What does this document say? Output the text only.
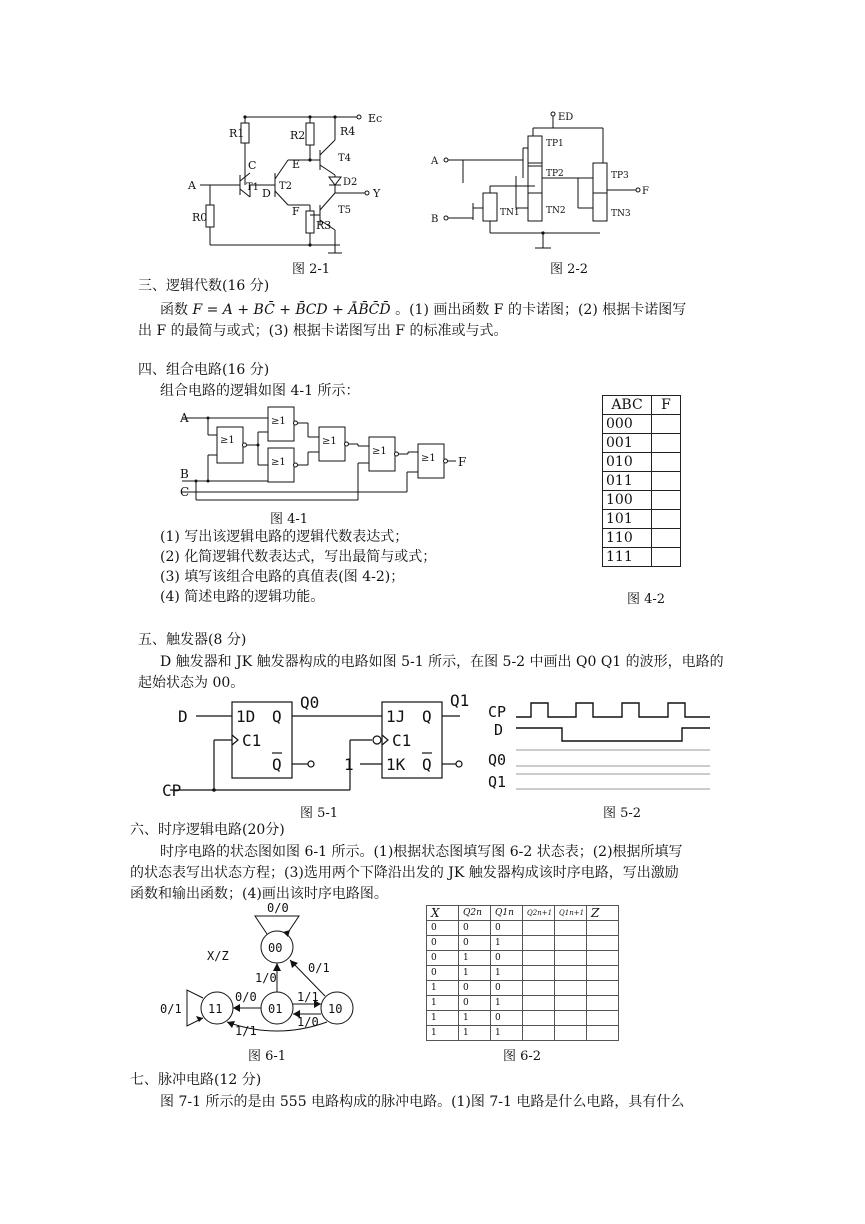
R1	R2	R4
R0
R3
Ec
C	E
D
F
T1 T2
T4
D2
T5
A
Y
图 2-1
ED
A
B
F
TP1
TP2	TP3
TN1	TN2	TN3
图 2-2
三、逻辑代数(16 分)
函数 F = A + BC̄ + B̄CD + ĀB̄C̄D̄ 。(1) 画出函数 F 的卡诺图；(2) 根据卡诺图写
出 F 的最简与或式；(3) 根据卡诺图写出 F 的标准或与式。
四、组合电路(16 分)
组合电路的逻辑如图 4-1 所示：
≥1
≥1
≥1
≥1
≥1
≥1
A
B
C
F
图 4-1
(1) 写出该逻辑电路的逻辑代数表达式；
(2) 化简逻辑代数表达式，写出最简与或式；
(3) 填写该组合电路的真值表(图 4-2)；
(4) 简述电路的逻辑功能。
ABC	F
000	
001	
010	
011	
100	
101	
110	
111	
图 4-2
五、触发器(8 分)
D 触发器和 JK 触发器构成的电路如图 5-1 所示，在图 5-2 中画出 Q0 Q1 的波形，电路的
起始状态为 00。
D
CP
1
1D
C1
Q
Q
Q0
1J
C1
1K
Q
Q
Q1
图 5-1
CP
D
Q0
Q1
图 5-2
六、时序逻辑电路(20分)
时序电路的状态图如图 6-1 所示。(1)根据状态图填写图 6-2 状态表；(2)根据所填写
的状态表写出状态方程；(3)选用两个下降沿出发的 JK 触发器构成该时序电路，写出激励
函数和输出函数；(4)画出该时序电路图。
X/Z
00
01
11	10
0/0
0/1
1/0
0/0	1/1
1/0
0/1
1/1
图 6-1
X	Q2n	Q1n	Q2n+1	Q1n+1	Z
0	0	0			
0	0	1			
0	1	0			
0	1	1			
1	0	0			
1	0	1			
1	1	0			
1	1	1			
图 6-2
七、脉冲电路(12 分)
图 7-1 所示的是由 555 电路构成的脉冲电路。(1)图 7-1 电路是什么电路，具有什么
